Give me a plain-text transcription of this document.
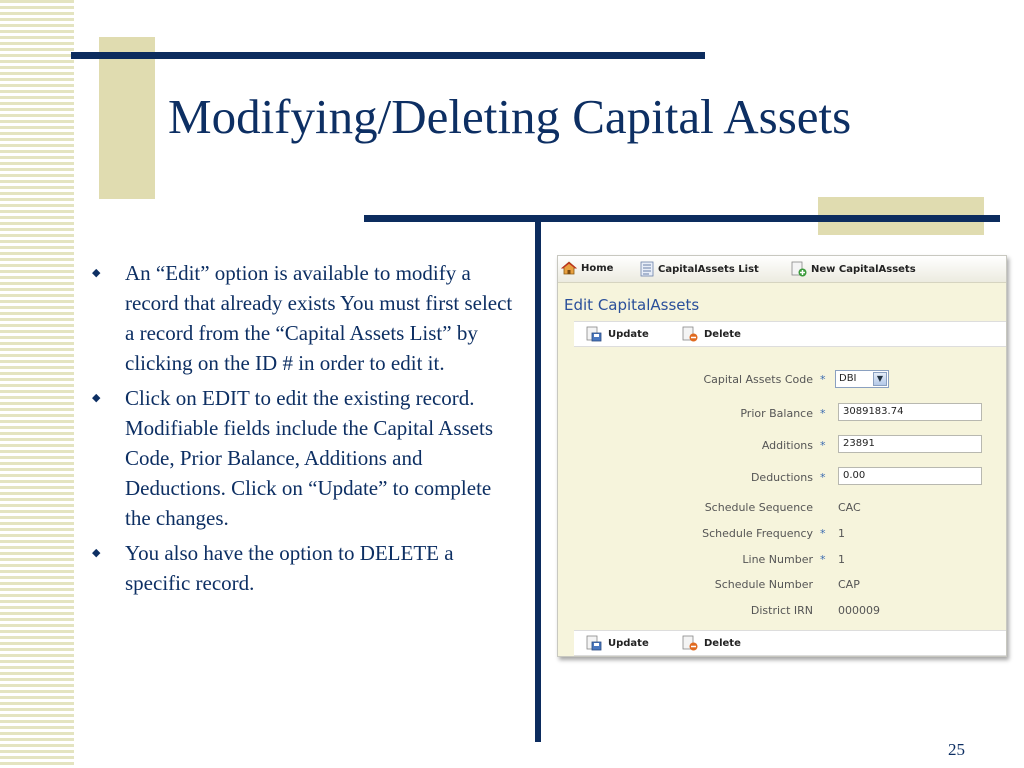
Modifying/Deleting Capital Assets
◆ An “Edit” option is available to modify a record that already exists You must first select a record from the “Capital Assets List” by clicking on the ID # in order to edit it.
◆ Click on EDIT to edit the existing record. Modifiable fields include the Capital Assets Code, Prior Balance, Additions and Deductions. Click on “Update” to complete the changes.
◆ You also have the option to DELETE a specific record.
25
Home	CapitalAssets List	New CapitalAssets
Edit CapitalAssets
Update	Delete
Capital Assets Code *	DBI	▼
Prior Balance *	3089183.74
Additions *	23891
Deductions *	0.00
Schedule Sequence CAC
Schedule Frequency * 1
Line Number * 1
Schedule Number CAP
District IRN 000009
Update	Delete
